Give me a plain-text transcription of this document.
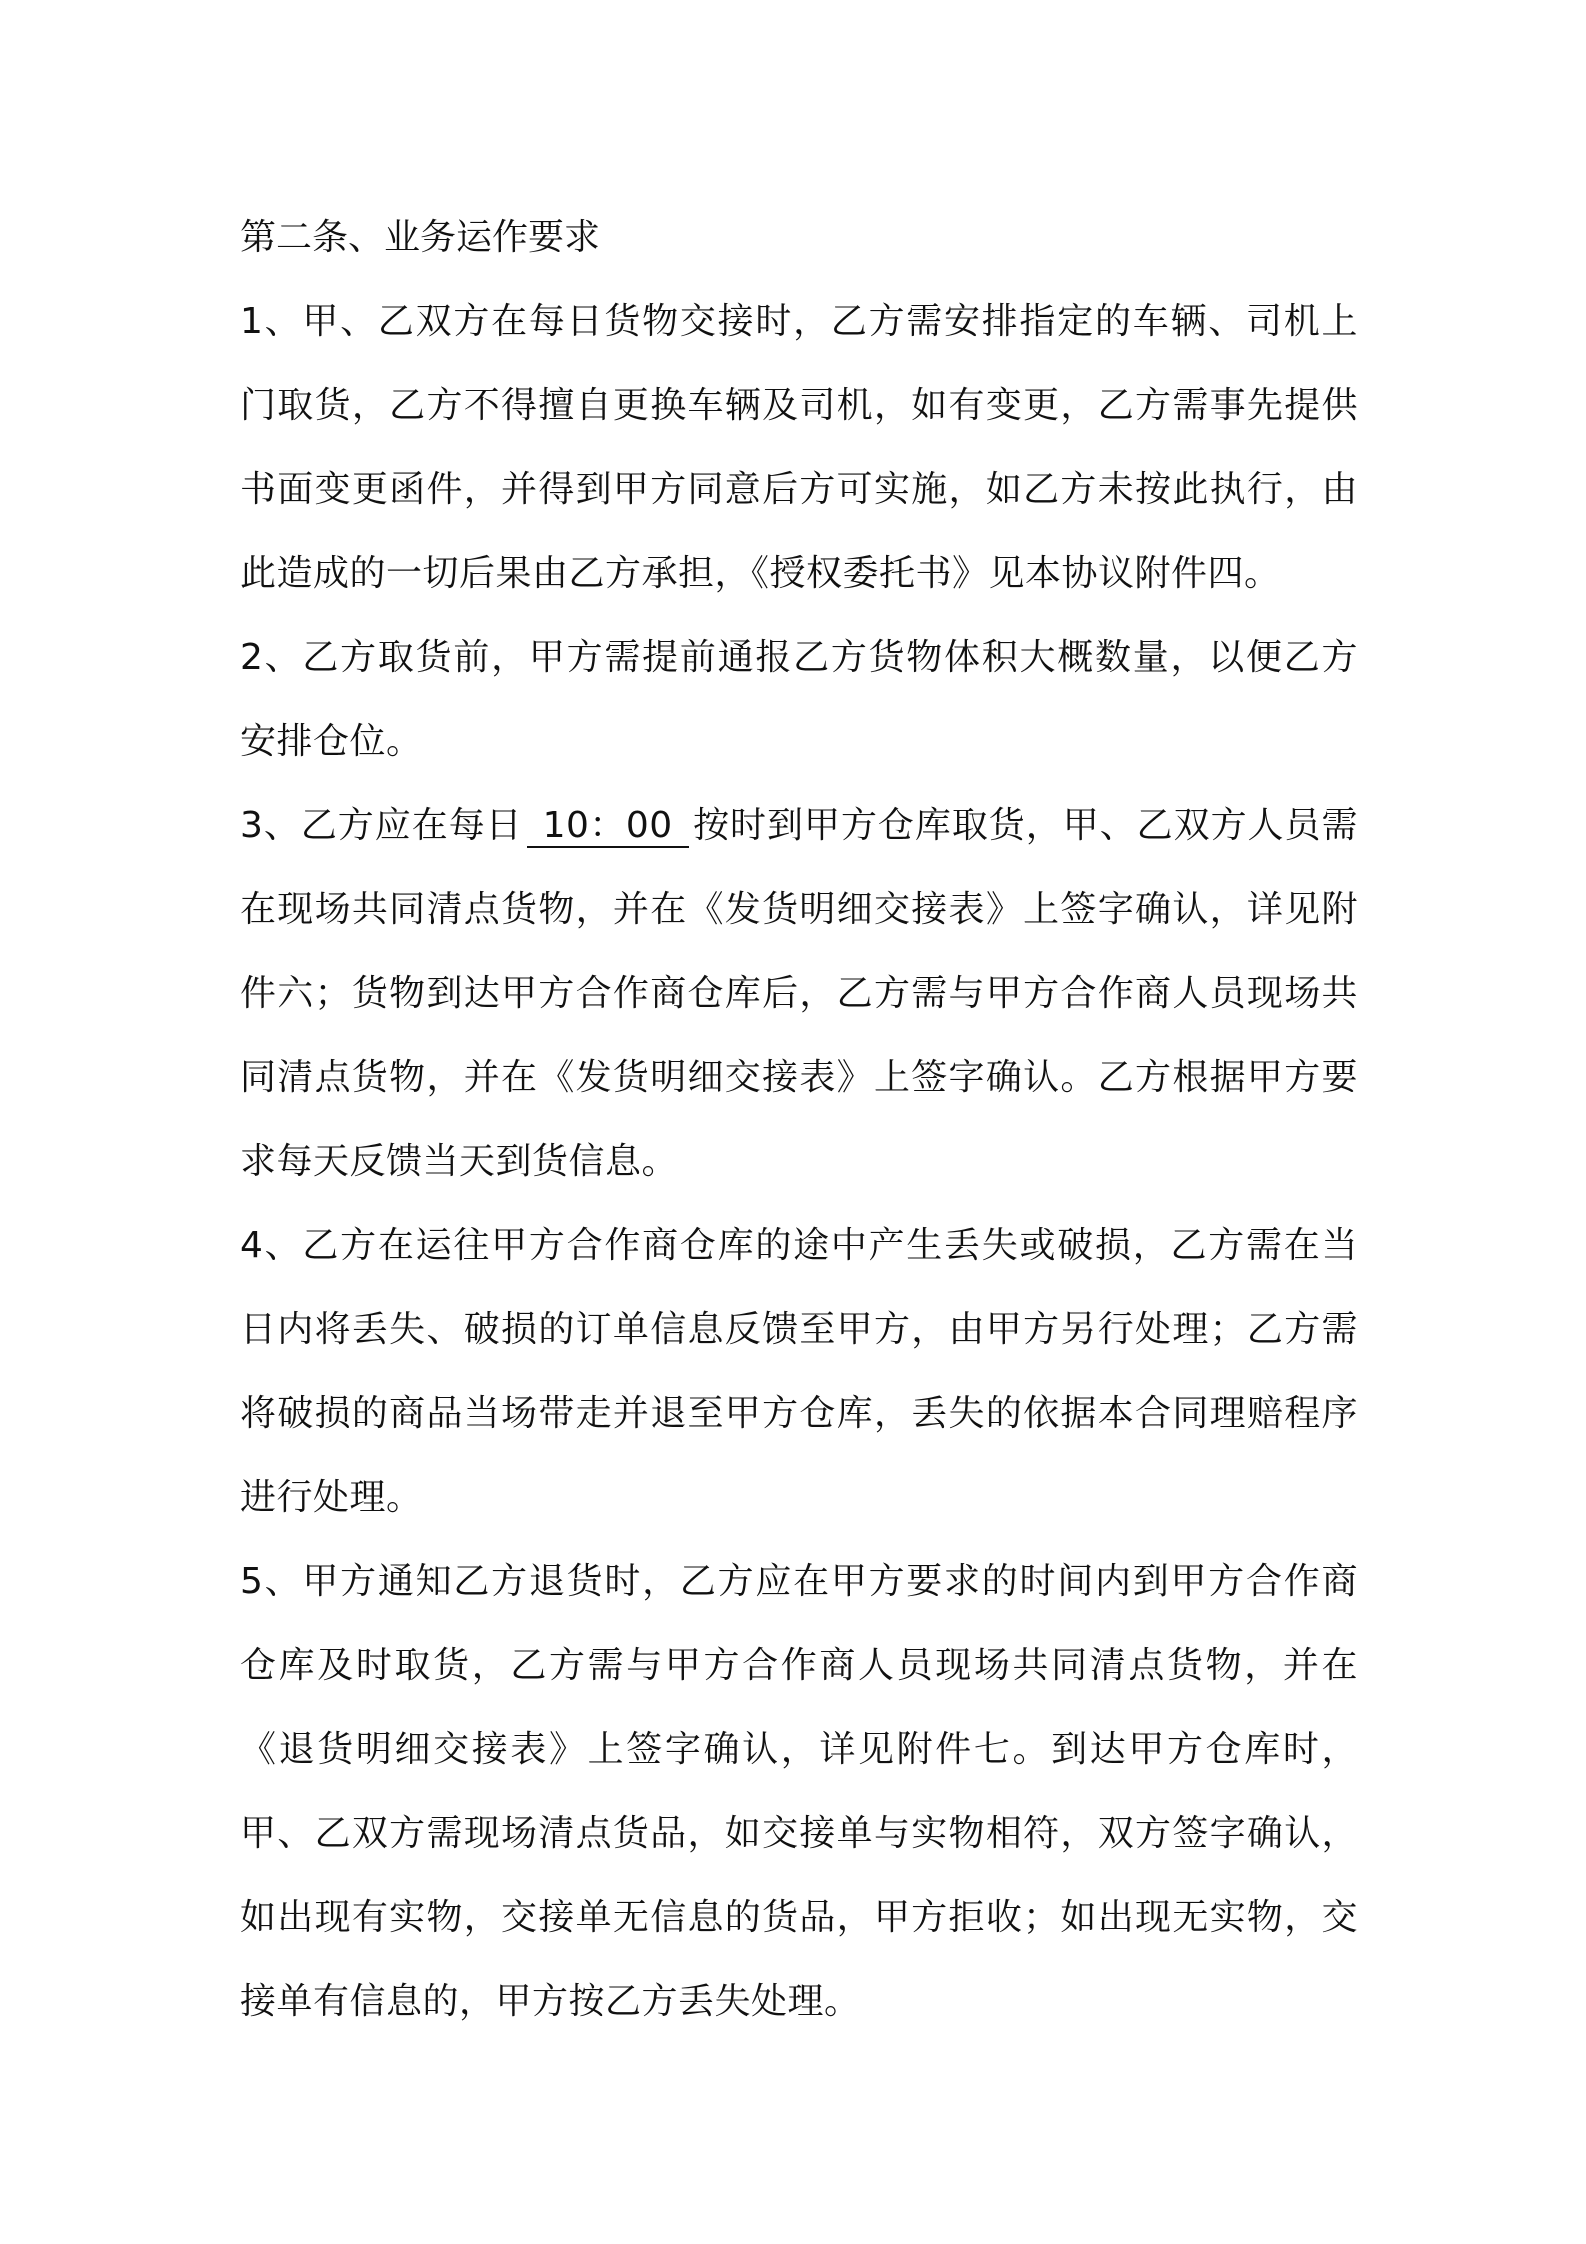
第二条、业务运作要求

1、甲、乙双方在每日货物交接时，乙方需安排指定的车辆、司机上门取货，乙方不得擅自更换车辆及司机，如有变更，乙方需事先提供书面变更函件，并得到甲方同意后方可实施，如乙方未按此执行，由此造成的一切后果由乙方承担，《授权委托书》见本协议附件四。

2、乙方取货前，甲方需提前通报乙方货物体积大概数量，以便乙方安排仓位。

3、乙方应在每日 10：00 按时到甲方仓库取货，甲、乙双方人员需在现场共同清点货物，并在《发货明细交接表》上签字确认，详见附件六；货物到达甲方合作商仓库后，乙方需与甲方合作商人员现场共同清点货物，并在《发货明细交接表》上签字确认。乙方根据甲方要求每天反馈当天到货信息。

4、乙方在运往甲方合作商仓库的途中产生丢失或破损，乙方需在当日内将丢失、破损的订单信息反馈至甲方，由甲方另行处理；乙方需将破损的商品当场带走并退至甲方仓库，丢失的依据本合同理赔程序进行处理。

5、甲方通知乙方退货时，乙方应在甲方要求的时间内到甲方合作商仓库及时取货，乙方需与甲方合作商人员现场共同清点货物，并在《退货明细交接表》上签字确认，详见附件七。到达甲方仓库时，甲、乙双方需现场清点货品，如交接单与实物相符，双方签字确认，如出现有实物，交接单无信息的货品，甲方拒收；如出现无实物，交接单有信息的，甲方按乙方丢失处理。
